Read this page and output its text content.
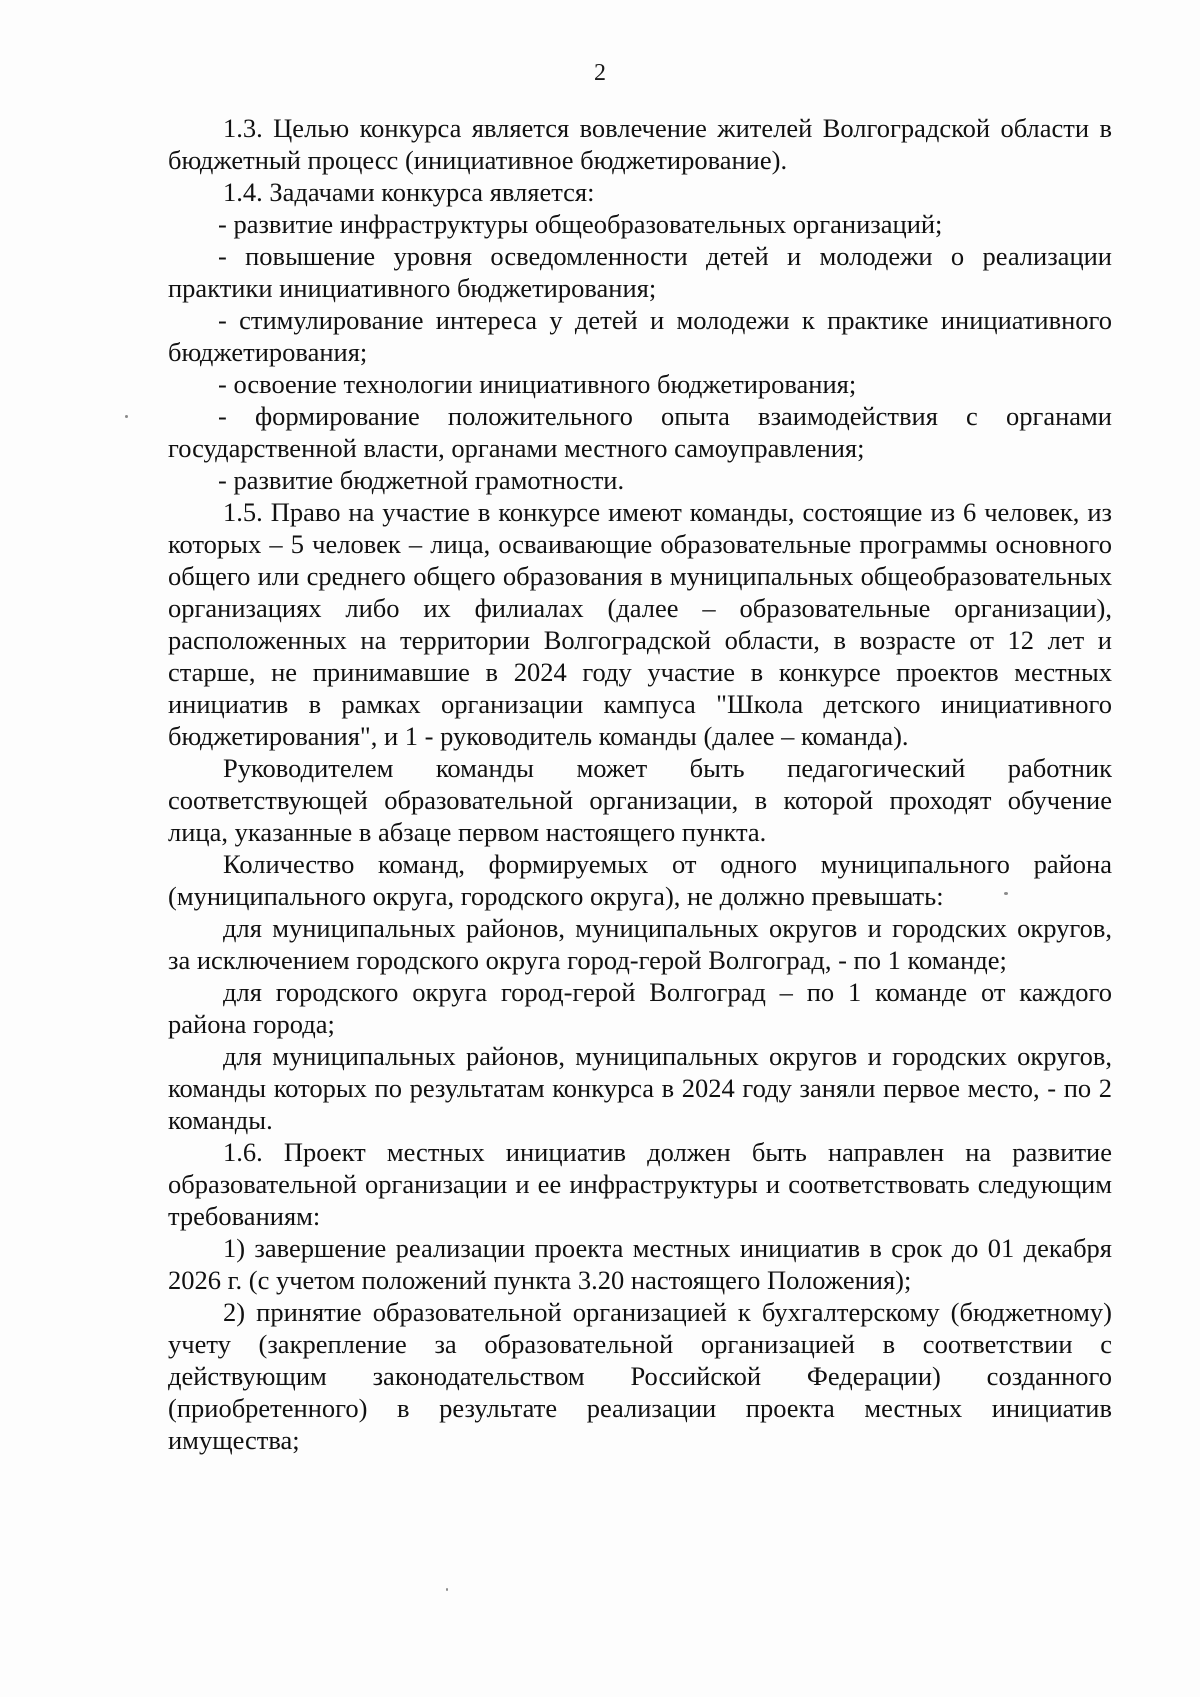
2

1.3. Целью конкурса является вовлечение жителей Волгоградской области в бюджетный процесс (инициативное бюджетирование).

1.4. Задачами конкурса является:

- развитие инфраструктуры общеобразовательных организаций;

- повышение уровня осведомленности детей и молодежи о реализации практики инициативного бюджетирования;

- стимулирование интереса у детей и молодежи к практике инициативного бюджетирования;

- освоение технологии инициативного бюджетирования;

- формирование положительного опыта взаимодействия с органами государственной власти, органами местного самоуправления;

- развитие бюджетной грамотности.

1.5. Право на участие в конкурсе имеют команды, состоящие из 6 человек, из которых – 5 человек – лица, осваивающие образовательные программы основного общего или среднего общего образования в муниципальных общеобразовательных организациях либо их филиалах (далее – образовательные организации), расположенных на территории Волгоградской области, в возрасте от 12 лет и старше, не принимавшие в 2024 году участие в конкурсе проектов местных инициатив в рамках организации кампуса "Школа детского инициативного бюджетирования", и 1 - руководитель команды (далее – команда).

Руководителем команды может быть педагогический работник соответствующей образовательной организации, в которой проходят обучение лица, указанные в абзаце первом настоящего пункта.

Количество команд, формируемых от одного муниципального района (муниципального округа, городского округа), не должно превышать:

для муниципальных районов, муниципальных округов и городских округов, за исключением городского округа город-герой Волгоград, - по 1 команде;

для городского округа город-герой Волгоград – по 1 команде от каждого района города;

для муниципальных районов, муниципальных округов и городских округов, команды которых по результатам конкурса в 2024 году заняли первое место, - по 2 команды.

1.6. Проект местных инициатив должен быть направлен на развитие образовательной организации и ее инфраструктуры и соответствовать следующим требованиям:

1) завершение реализации проекта местных инициатив в срок до 01 декабря 2026 г. (с учетом положений пункта 3.20 настоящего Положения);

2) принятие образовательной организацией к бухгалтерскому (бюджетному) учету (закрепление за образовательной организацией в соответствии с действующим законодательством Российской Федерации) созданного (приобретенного) в результате реализации проекта местных инициатив имущества;
